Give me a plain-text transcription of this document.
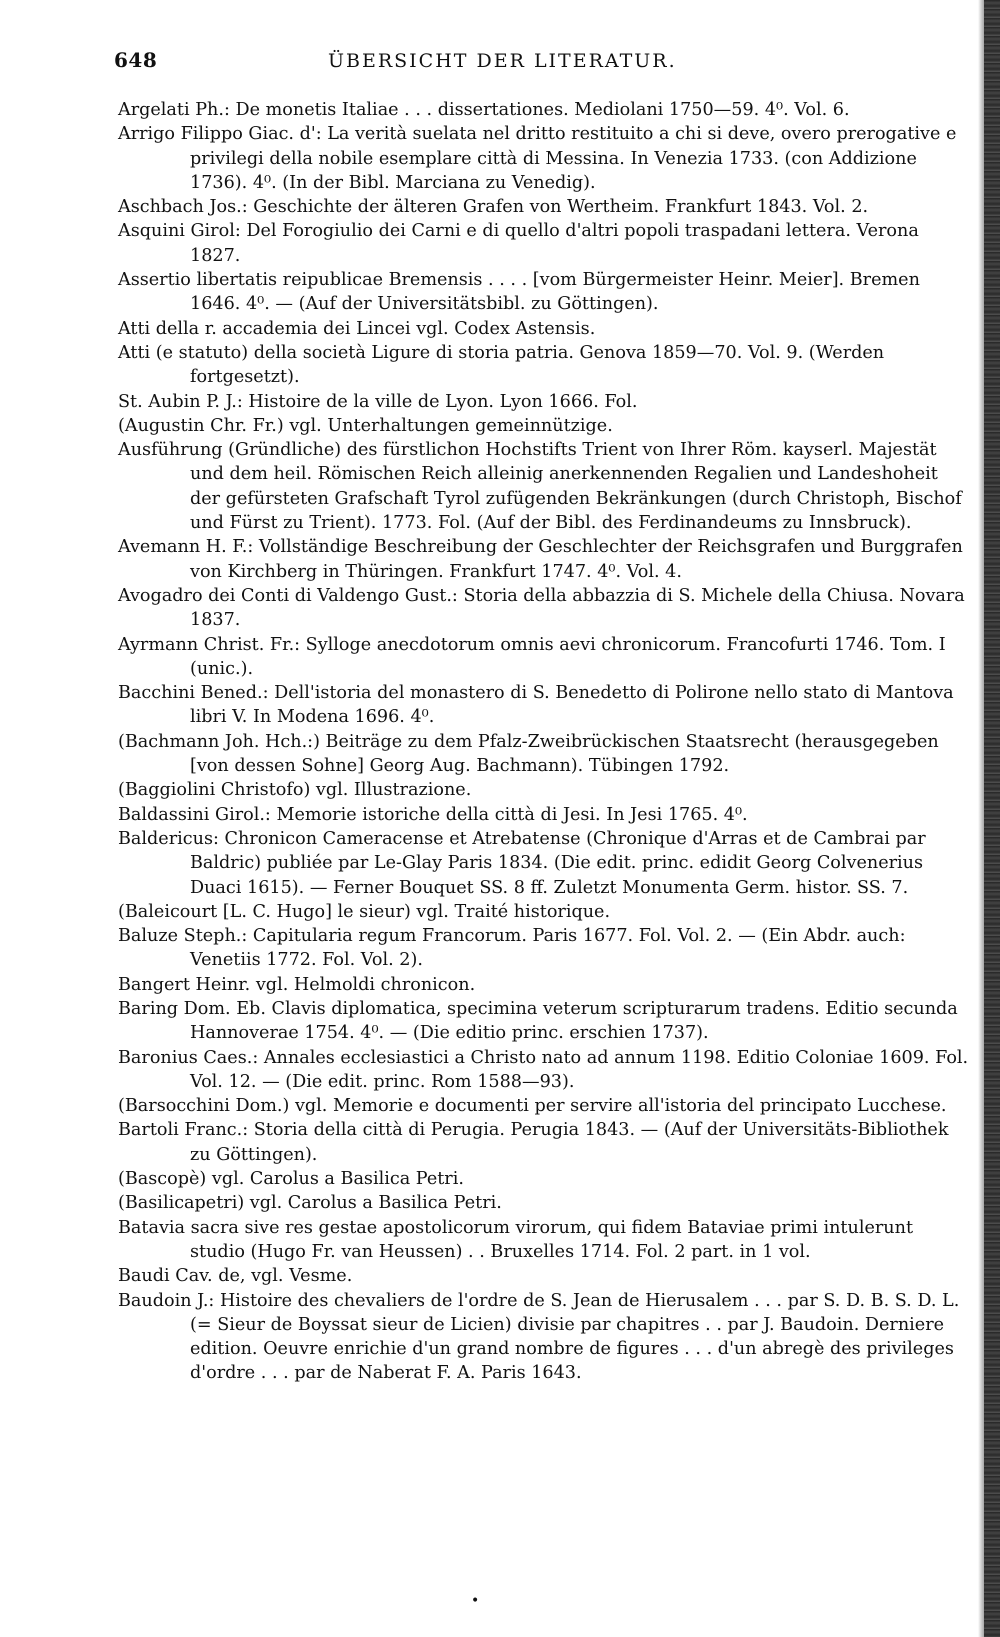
648	ÜBERSICHT DER LITERATUR.
Argelati Ph.: De monetis Italiae . . . dissertationes. Mediolani 1750—59. 4⁰. Vol. 6.
Arrigo Filippo Giac. d': La verità suelata nel dritto restituito a chi si deve, overo prerogative e privilegi della nobile esemplare città di Messina. In Venezia 1733. (con Addizione 1736). 4⁰. (In der Bibl. Marciana zu Venedig).
Aschbach Jos.: Geschichte der älteren Grafen von Wertheim. Frankfurt 1843. Vol. 2.
Asquini Girol: Del Forogiulio dei Carni e di quello d'altri popoli traspadani lettera. Verona 1827.
Assertio libertatis reipublicae Bremensis . . . . [vom Bürgermeister Heinr. Meier]. Bremen 1646. 4⁰. — (Auf der Universitätsbibl. zu Göttingen).
Atti della r. accademia dei Lincei vgl. Codex Astensis.
Atti (e statuto) della società Ligure di storia patria. Genova 1859—70. Vol. 9. (Werden fortgesetzt).
St. Aubin P. J.: Histoire de la ville de Lyon. Lyon 1666. Fol.
(Augustin Chr. Fr.) vgl. Unterhaltungen gemeinnützige.
Ausführung (Gründliche) des fürstlichon Hochstifts Trient von Ihrer Röm. kayserl. Majestät und dem heil. Römischen Reich alleinig anerkennenden Regalien und Landeshoheit der gefürsteten Grafschaft Tyrol zufügenden Bekränkungen (durch Christoph, Bischof und Fürst zu Trient). 1773. Fol. (Auf der Bibl. des Ferdinandeums zu Innsbruck).
Avemann H. F.: Vollständige Beschreibung der Geschlechter der Reichsgrafen und Burggrafen von Kirchberg in Thüringen. Frankfurt 1747. 4⁰. Vol. 4.
Avogadro dei Conti di Valdengo Gust.: Storia della abbazzia di S. Michele della Chiusa. Novara 1837.
Ayrmann Christ. Fr.: Sylloge anecdotorum omnis aevi chronicorum. Francofurti 1746. Tom. I (unic.).
Bacchini Bened.: Dell'istoria del monastero di S. Benedetto di Polirone nello stato di Mantova libri V. In Modena 1696. 4⁰.
(Bachmann Joh. Hch.:) Beiträge zu dem Pfalz-Zweibrückischen Staatsrecht (herausgegeben [von dessen Sohne] Georg Aug. Bachmann). Tübingen 1792.
(Baggiolini Christofo) vgl. Illustrazione.
Baldassini Girol.: Memorie istoriche della città di Jesi. In Jesi 1765. 4⁰.
Baldericus: Chronicon Cameracense et Atrebatense (Chronique d'Arras et de Cambrai par Baldric) publiée par Le-Glay Paris 1834. (Die edit. princ. edidit Georg Colvenerius Duaci 1615). — Ferner Bouquet SS. 8 ff. Zuletzt Monumenta Germ. histor. SS. 7.
(Baleicourt [L. C. Hugo] le sieur) vgl. Traité historique.
Baluze Steph.: Capitularia regum Francorum. Paris 1677. Fol. Vol. 2. — (Ein Abdr. auch: Venetiis 1772. Fol. Vol. 2).
Bangert Heinr. vgl. Helmoldi chronicon.
Baring Dom. Eb. Clavis diplomatica, specimina veterum scripturarum tradens. Editio secunda Hannoverae 1754. 4⁰. — (Die editio princ. erschien 1737).
Baronius Caes.: Annales ecclesiastici a Christo nato ad annum 1198. Editio Coloniae 1609. Fol. Vol. 12. — (Die edit. princ. Rom 1588—93).
(Barsocchini Dom.) vgl. Memorie e documenti per servire all'istoria del principato Lucchese.
Bartoli Franc.: Storia della città di Perugia. Perugia 1843. — (Auf der Universitäts-Bibliothek zu Göttingen).
(Bascopè) vgl. Carolus a Basilica Petri.
(Basilicapetri) vgl. Carolus a Basilica Petri.
Batavia sacra sive res gestae apostolicorum virorum, qui fidem Bataviae primi intulerunt studio (Hugo Fr. van Heussen) . . Bruxelles 1714. Fol. 2 part. in 1 vol.
Baudi Cav. de, vgl. Vesme.
Baudoin J.: Histoire des chevaliers de l'ordre de S. Jean de Hierusalem . . . par S. D. B. S. D. L. (= Sieur de Boyssat sieur de Licien) divisie par chapitres . . par J. Baudoin. Derniere edition. Oeuvre enrichie d'un grand nombre de figures . . . d'un abregè des privileges d'ordre . . . par de Naberat F. A. Paris 1643.
•
